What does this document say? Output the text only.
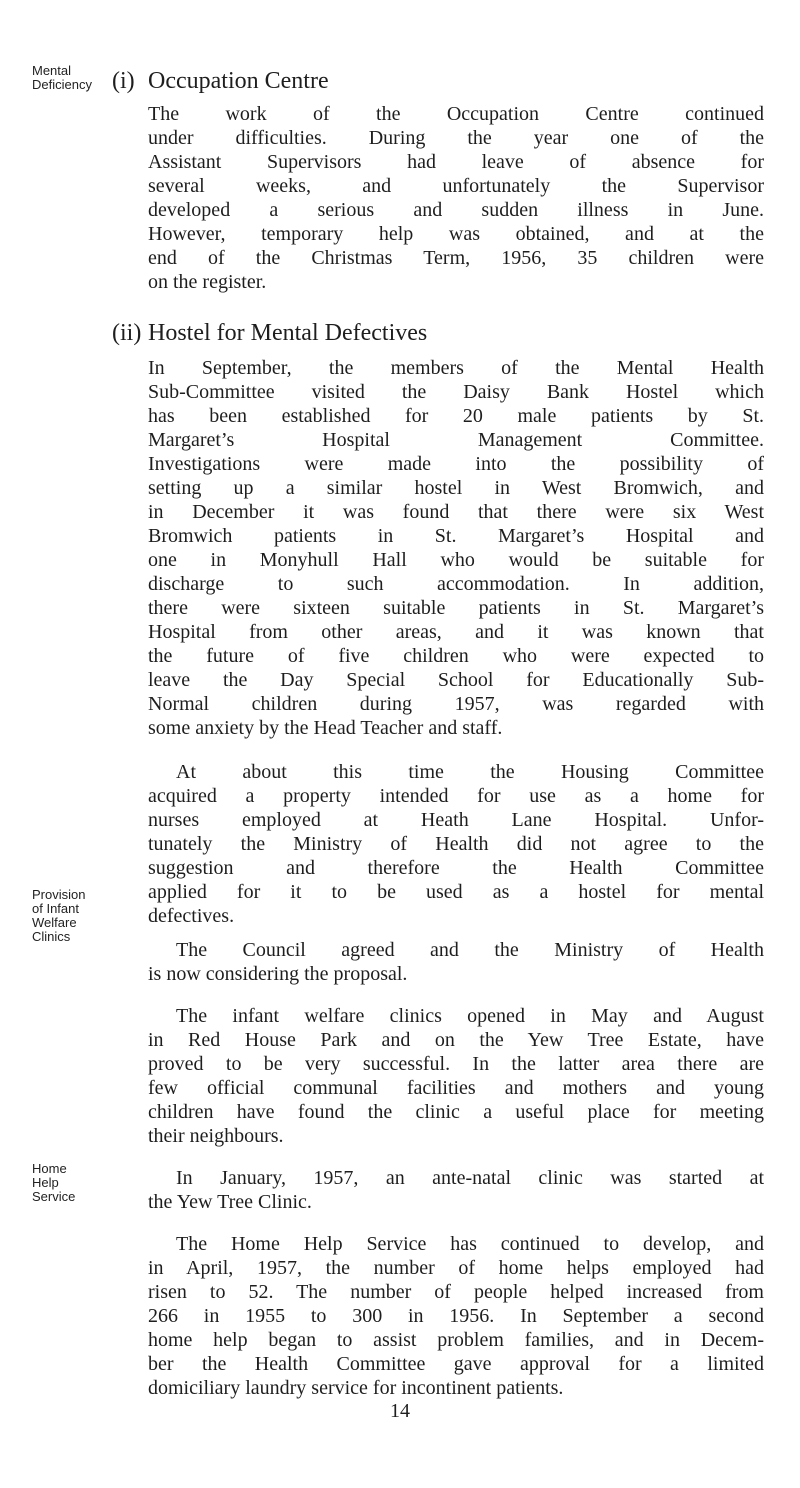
Mental
Deficiency
Provision
of Infant
Welfare
Clinics
Home
Help
Service
(i) Occupation Centre
The work of the Occupation Centre continued
under difficulties. During the year one of the
Assistant Supervisors had leave of absence for
several weeks, and unfortunately the Supervisor
developed a serious and sudden illness in June.
However, temporary help was obtained, and at the
end of the Christmas Term, 1956, 35 children were
on the register.
(ii) Hostel for Mental Defectives
In September, the members of the Mental Health
Sub-Committee visited the Daisy Bank Hostel which
has been established for 20 male patients by St.
Margaret’s Hospital Management Committee.
Investigations were made into the possibility of
setting up a similar hostel in West Bromwich, and
in December it was found that there were six West
Bromwich patients in St. Margaret’s Hospital and
one in Monyhull Hall who would be suitable for
discharge to such accommodation. In addition,
there were sixteen suitable patients in St. Margaret’s
Hospital from other areas, and it was known that
the future of five children who were expected to
leave the Day Special School for Educationally Sub-
Normal children during 1957, was regarded with
some anxiety by the Head Teacher and staff.
At about this time the Housing Committee
acquired a property intended for use as a home for
nurses employed at Heath Lane Hospital. Unfor-
tunately the Ministry of Health did not agree to the
suggestion and therefore the Health Committee
applied for it to be used as a hostel for mental
defectives.
The Council agreed and the Ministry of Health
is now considering the proposal.
The infant welfare clinics opened in May and August
in Red House Park and on the Yew Tree Estate, have
proved to be very successful. In the latter area there are
few official communal facilities and mothers and young
children have found the clinic a useful place for meeting
their neighbours.
In January, 1957, an ante-natal clinic was started at
the Yew Tree Clinic.
The Home Help Service has continued to develop, and
in April, 1957, the number of home helps employed had
risen to 52. The number of people helped increased from
266 in 1955 to 300 in 1956. In September a second
home help began to assist problem families, and in Decem-
ber the Health Committee gave approval for a limited
domiciliary laundry service for incontinent patients.
14
